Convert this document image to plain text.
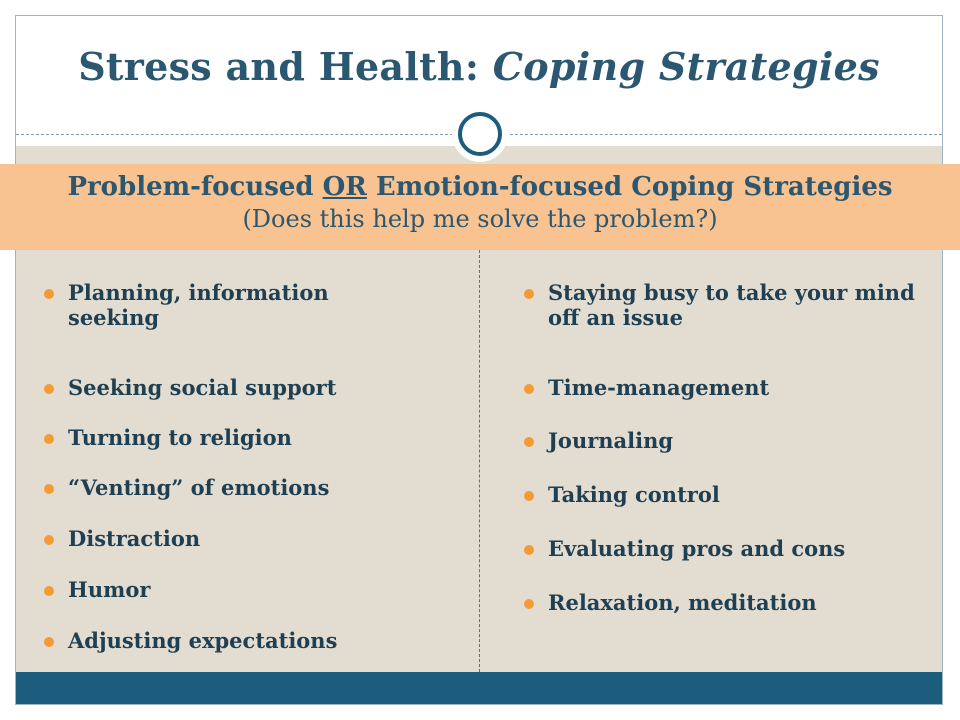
Stress and Health: Coping Strategies
Problem-focused OR Emotion-focused Coping Strategies
(Does this help me solve the problem?)
Planning, information seeking
Seeking social support
Turning to religion
“Venting” of emotions
Distraction
Humor
Adjusting expectations
Staying busy to take your mind off an issue
Time-management
Journaling
Taking control
Evaluating pros and cons
Relaxation, meditation
